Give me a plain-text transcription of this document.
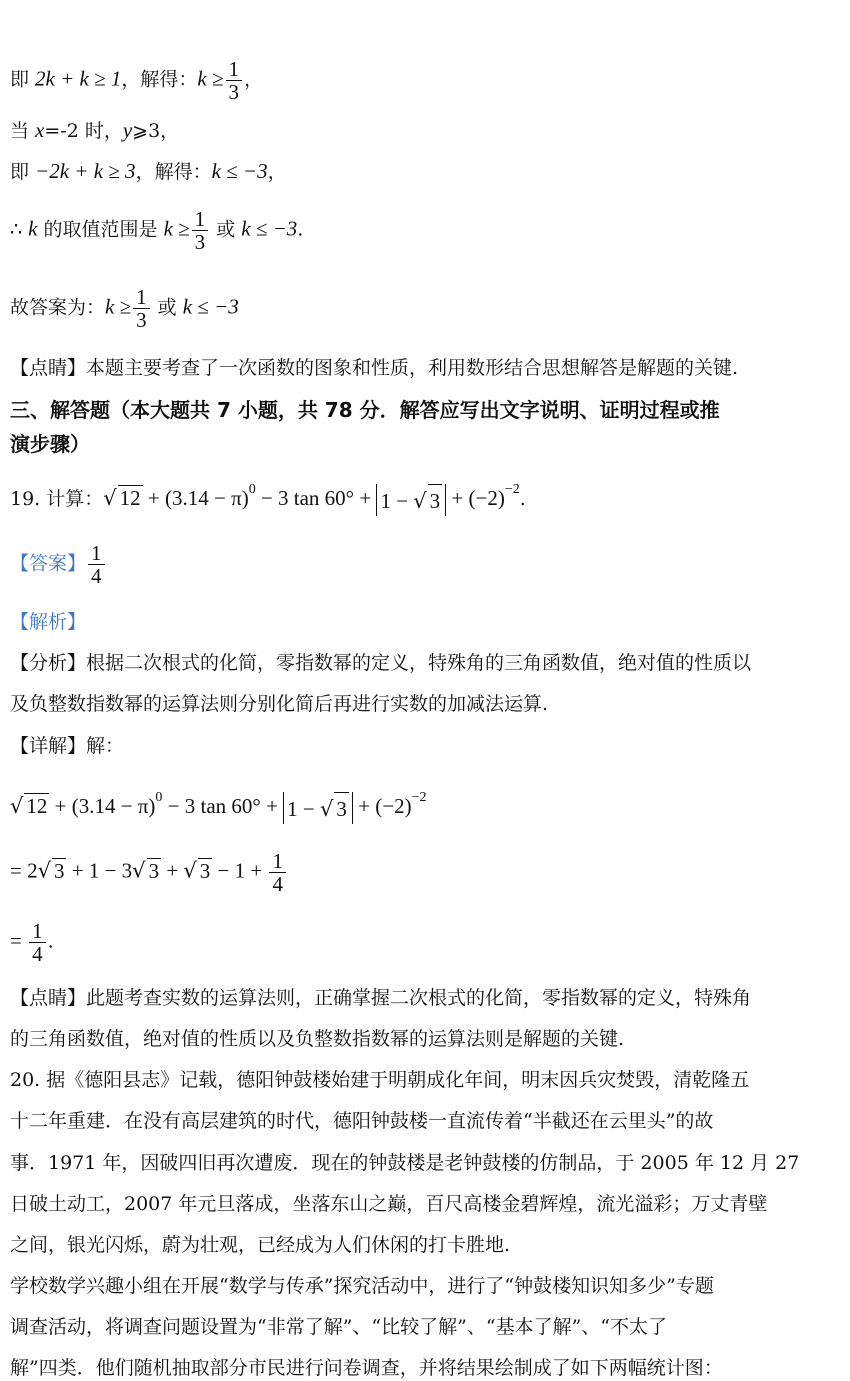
即 2k + k ≥ 1，解得：$k \ge \frac{1}{3}$ ，
当 x=-2 时，y⩾3，
即 −2k + k ≥ 3，解得：k ≤ −3，
∴ k 的取值范围是 $k \ge \frac{1}{3}$ 或 k ≤ −3.
故答案为：$k \ge \frac{1}{3}$ 或 k ≤ −3
【点睛】本题主要考查了一次函数的图象和性质，利用数形结合思想解答是解题的关键.
三、解答题（本大题共 7 小题，共 78 分．解答应写出文字说明、证明过程或推
演步骤）
19. 计算：√ $12 + (3.14 - \pi)^0 - 3$ tan 60° + 1 − √ $3 + (-2)^{-2}$.
【答案】 $\frac{1}{4}$
【解析】
【分析】根据二次根式的化简，零指数幂的定义，特殊角的三角函数值，绝对值的性质以
及负整数指数幂的运算法则分别化简后再进行实数的加减法运算.
【详解】解：
√ $12 + (3.14 - \pi)^0 - 3$ tan 60° + 1 − √ $3 + (-2)^{-2}$
= 2√ 3 + 1 − 3√ 3 + √ $3 - 1 + \frac{1}{4}$
= $\frac{1}{4}$ .
【点睛】此题考查实数的运算法则，正确掌握二次根式的化简，零指数幂的定义，特殊角
的三角函数值，绝对值的性质以及负整数指数幂的运算法则是解题的关键.
20. 据《德阳县志》记载，德阳钟鼓楼始建于明朝成化年间，明末因兵灾焚毁，清乾隆五
十二年重建．在没有高层建筑的时代，德阳钟鼓楼一直流传着“半截还在云里头”的故
事．1971 年，因破四旧再次遭废．现在的钟鼓楼是老钟鼓楼的仿制品，于 2005 年 12 月 27
日破土动工，2007 年元旦落成，坐落东山之巅，百尺高楼金碧辉煌，流光溢彩；万丈青壁
之间，银光闪烁，蔚为壮观，已经成为人们休闲的打卡胜地.
学校数学兴趣小组在开展“数学与传承”探究活动中，进行了“钟鼓楼知识知多少”专题
调查活动，将调查问题设置为“非常了解”、“比较了解”、“基本了解”、“不太了
解”四类．他们随机抽取部分市民进行问卷调查，并将结果绘制成了如下两幅统计图：
